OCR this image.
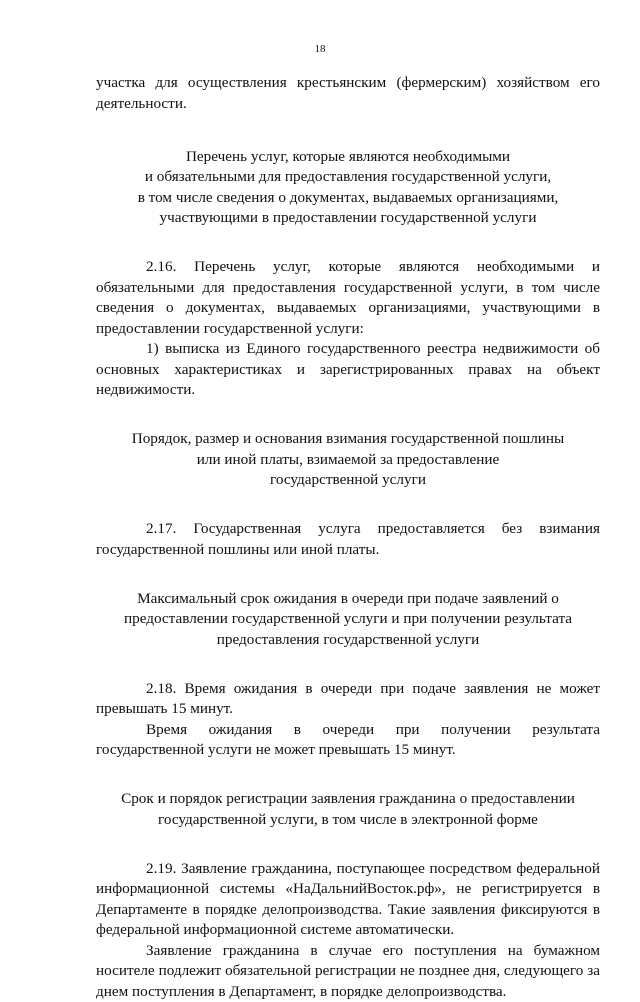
18

участка для осуществления крестьянским (фермерским) хозяйством его деятельности.

Перечень услуг, которые являются необходимыми
и обязательными для предоставления государственной услуги,
в том числе сведения о документах, выдаваемых организациями,
участвующими в предоставлении государственной услуги

2.16. Перечень услуг, которые являются необходимыми и обязательными для предоставления государственной услуги, в том числе сведения о документах, выдаваемых организациями, участвующими в предоставлении государственной услуги:

1) выписка из Единого государственного реестра недвижимости об основных характеристиках и зарегистрированных правах на объект недвижимости.

Порядок, размер и основания взимания государственной пошлины
или иной платы, взимаемой за предоставление
государственной услуги

2.17. Государственная услуга предоставляется без взимания государственной пошлины или иной платы.

Максимальный срок ожидания в очереди при подаче заявлений о
предоставлении государственной услуги и при получении результата
предоставления государственной услуги

2.18. Время ожидания в очереди при подаче заявления не может превышать 15 минут.

Время ожидания в очереди при получении результата государственной услуги не может превышать 15 минут.

Срок и порядок регистрации заявления гражданина о предоставлении
государственной услуги, в том числе в электронной форме

2.19. Заявление гражданина, поступающее посредством федеральной информационной системы «НаДальнийВосток.рф», не регистрируется в Департаменте в порядке делопроизводства. Такие заявления фиксируются в федеральной информационной системе автоматически.

Заявление гражданина в случае его поступления на бумажном носителе подлежит обязательной регистрации не позднее дня, следующего за днем поступления в Департамент, в порядке делопроизводства.
